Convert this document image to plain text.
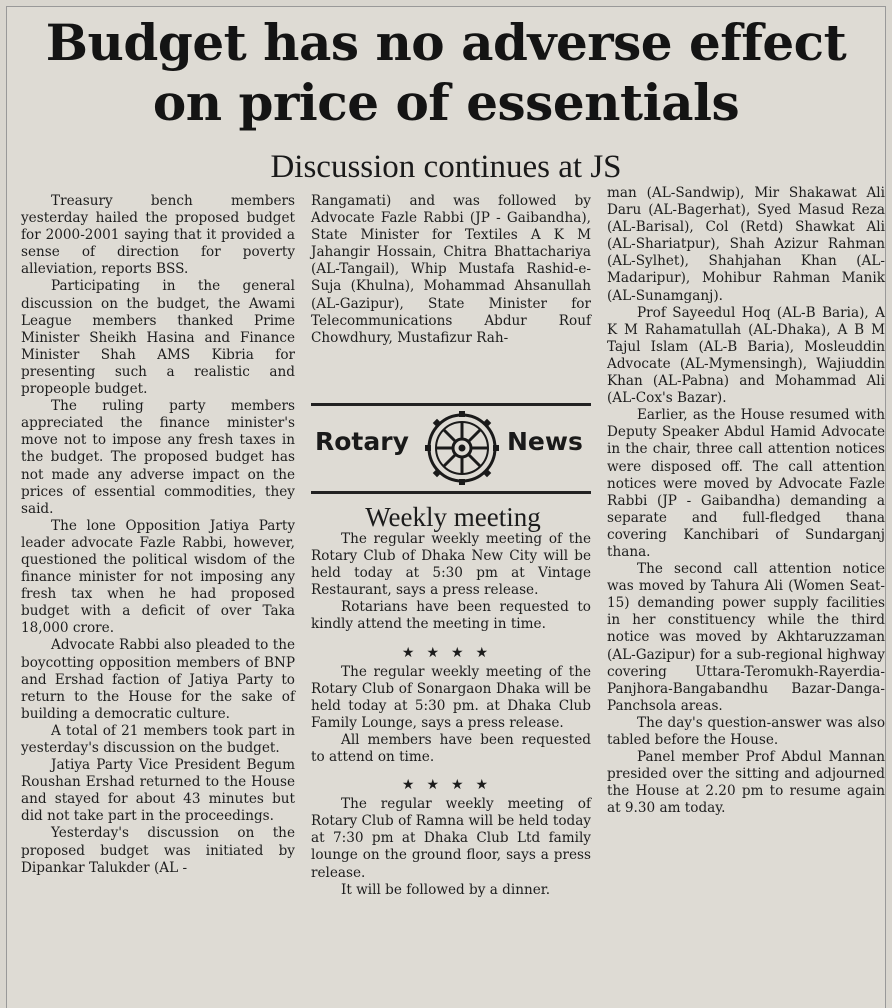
Budget has no adverse effect
on price of essentials
Discussion continues at JS

Treasury bench members yesterday hailed the proposed budget for 2000-2001 saying that it provided a sense of direction for poverty alleviation, reports BSS.

Participating in the general discussion on the budget, the Awami League members thanked Prime Minister Sheikh Hasina and Finance Minister Shah AMS Kibria for presenting such a realistic and propeople budget.

The ruling party members appreciated the finance minister's move not to impose any fresh taxes in the budget. The proposed budget has not made any adverse impact on the prices of essential commodities, they said.

The lone Opposition Jatiya Party leader advocate Fazle Rabbi, however, questioned the political wisdom of the finance minister for not imposing any fresh tax when he had proposed budget with a deficit of over Taka 18,000 crore.

Advocate Rabbi also pleaded to the boycotting opposition members of BNP and Ershad faction of Jatiya Party to return to the House for the sake of building a democratic culture.

A total of 21 members took part in yesterday's discussion on the budget.

Jatiya Party Vice President Begum Roushan Ershad returned to the House and stayed for about 43 minutes but did not take part in the proceedings.

Yesterday's discussion on the proposed budget was initiated by Dipankar Talukder (AL -

Rangamati) and was followed by Advocate Fazle Rabbi (JP - Gaibandha), State Minister for Textiles A K M Jahangir Hossain, Chitra Bhattachariya (AL-Tangail), Whip Mustafa Rashid-e-Suja (Khulna), Mohammad Ahsanullah (AL-Gazipur), State Minister for Telecommunications Abdur Rouf Chowdhury, Mustafizur Rah-

Rotary	News
Weekly meeting

The regular weekly meeting of the Rotary Club of Dhaka New City will be held today at 5:30 pm at Vintage Restaurant, says a press release.

Rotarians have been requested to kindly attend the meeting in time.

★★★★

The regular weekly meeting of the Rotary Club of Sonargaon Dhaka will be held today at 5:30 pm. at Dhaka Club Family Lounge, says a press release.

All members have been requested to attend on time.

★★★★

The regular weekly meeting of Rotary Club of Ramna will be held today at 7:30 pm at Dhaka Club Ltd family lounge on the ground floor, says a press release.

It will be followed by a dinner.

man (AL-Sandwip), Mir Shakawat Ali Daru (AL-Bagerhat), Syed Masud Reza (AL-Barisal), Col (Retd) Shawkat Ali (AL-Shariatpur), Shah Azizur Rahman (AL-Sylhet), Shahjahan Khan (AL-Madaripur), Mohibur Rahman Manik (AL-Sunamganj).

Prof Sayeedul Hoq (AL-B Baria), A K M Rahamatullah (AL-Dhaka), A B M Tajul Islam (AL-B Baria), Mosleuddin Advocate (AL-Mymensingh), Wajiuddin Khan (AL-Pabna) and Mohammad Ali (AL-Cox's Bazar).

Earlier, as the House resumed with Deputy Speaker Abdul Hamid Advocate in the chair, three call attention notices were disposed off. The call attention notices were moved by Advocate Fazle Rabbi (JP - Gaibandha) demanding a separate and full-fledged thana covering Kanchibari of Sundarganj thana.

The second call attention notice was moved by Tahura Ali (Women Seat-15) demanding power supply facilities in her constituency while the third notice was moved by Akhtaruzzaman (AL-Gazipur) for a sub-regional highway covering Uttara-Teromukh-Rayerdia-Panjhora-Bangabandhu Bazar-Danga-Panchsola areas.

The day's question-answer was also tabled before the House.

Panel member Prof Abdul Mannan presided over the sitting and adjourned the House at 2.20 pm to resume again at 9.30 am today.
